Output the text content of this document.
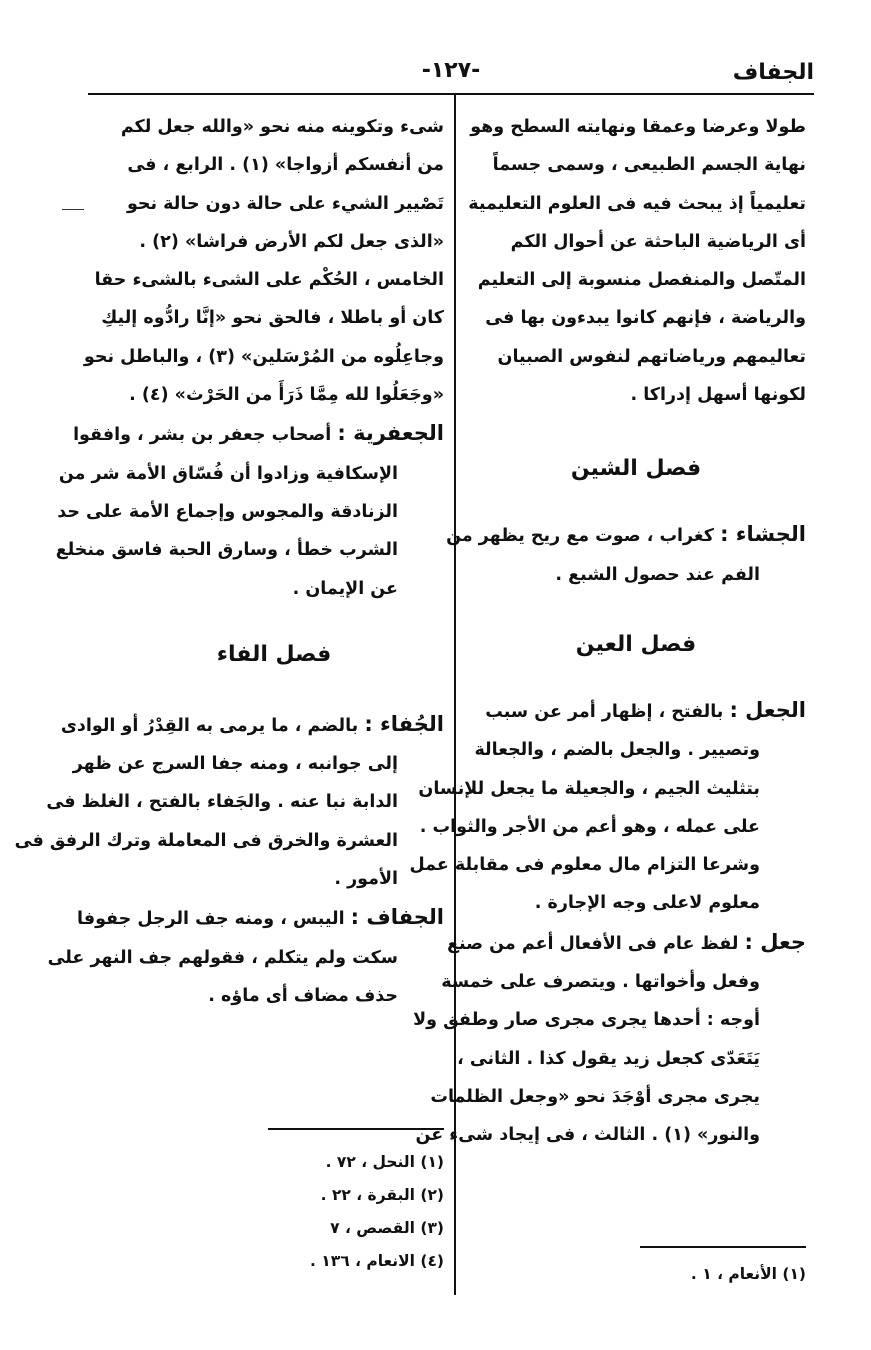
الجفاف
-١٢٧-

طولا وعرضا وعمقا ونهايته السطح وهو
نهاية الجسم الطبيعى ، وسمى جسماً
تعليمياً إذ يبحث فيه فى العلوم التعليمية
أى الرياضية الباحثة عن أحوال الكم
المتّصل والمنفصل منسوبة إلى التعليم
والرياضة ، فإنهم كانوا يبدءون بها فى
تعاليمهم ورياضاتهم لنفوس الصبيان
لكونها أسهل إدراكا .

فصل الشين

الجشاء : كغراب ، صوت مع ريح يظهر من
الفم عند حصول الشبع .

فصل العين

الجعل : بالفتح ، إظهار أمر عن سبب
وتصيير . والجعل بالضم ، والجعالة
بتثليث الجيم ، والجعيلة ما يجعل للإنسان
على عمله ، وهو أعم من الأجر والثواب .
وشرعا التزام مال معلوم فى مقابلة عمل
معلوم لاعلى وجه الإجارة .

جعل : لفظ عام فى الأفعال أعم من صنع
وفعل وأخواتها . ويتصرف على خمسة
أوجه : أحدها يجرى مجرى صار وطفق ولا
يَتَعَدّى كجعل زيد يقول كذا . الثانى ،
يجرى مجرى أوْجَدَ نحو «وجعل الظلمات
والنور» (١) . الثالث ، فى إيجاد شىء عن

(١) الأنعام ، ١ .

شىء وتكوينه منه نحو «والله جعل لكم
من أنفسكم أزواجا» (١) . الرابع ، فى
تَصْيير الشيء على حالة دون حالة نحو
«الذى جعل لكم الأرض فراشا» (٢) .
الخامس ، الحُكْم على الشىء بالشىء حقا
كان أو باطلا ، فالحق نحو «إنَّا رادُّوه إليكِ
وجاعِلُوه من المُرْسَلين» (٣) ، والباطل نحو
«وجَعَلُوا لله مِمَّا ذَرَأَ من الحَرْث» (٤) .

الجعفرية : أصحاب جعفر بن بشر ، وافقوا
الإسكافية وزادوا أن فُسّاق الأمة شر من
الزنادقة والمجوس وإجماع الأمة على حد
الشرب خطأ ، وسارق الحبة فاسق منخلع
عن الإيمان .

فصل الفاء

الجُفاء : بالضم ، ما يرمى به القِدْرُ أو الوادى
إلى جوانبه ، ومنه جفا السرج عن ظهر
الدابة نبا عنه . والجَفاء بالفتح ، الغلظ فى
العشرة والخرق فى المعاملة وترك الرفق فى
الأمور .

الجفاف : اليبس ، ومنه جف الرجل جفوفا
سكت ولم يتكلم ، فقولهم جف النهر على
حذف مضاف أى ماؤه .

(١) النحل ، ٧٢ .
(٢) البقرة ، ٢٢ .
(٣) القصص ، ٧
(٤) الانعام ، ١٣٦ .
